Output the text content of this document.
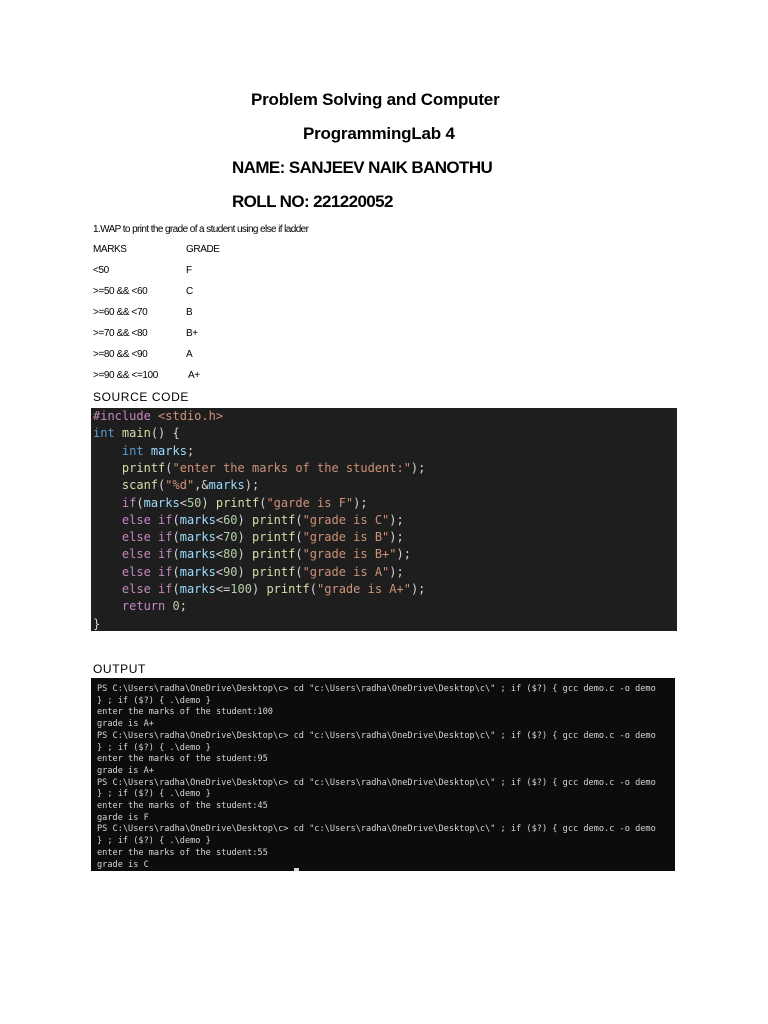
Problem Solving and Computer
ProgrammingLab 4
NAME: SANJEEV NAIK BANOTHU
ROLL NO: 221220052
1.WAP to print the grade of a student using else if ladder
MARKS	GRADE
<50	F
>=50 && <60	C
>=60 && <70	B
>=70 && <80	B+
>=80 && <90	A
>=90 && <=100	A+
SOURCE CODE
#include <stdio.h>
int main() {
int marks;
printf("enter the marks of the student:");
scanf("%d",&marks);
if(marks<50) printf("garde is F");
else if(marks<60) printf("grade is C");
else if(marks<70) printf("grade is B");
else if(marks<80) printf("grade is B+");
else if(marks<90) printf("grade is A");
else if(marks<=100) printf("grade is A+");
return 0;
}
OUTPUT
PS C:\Users\radha\OneDrive\Desktop\c> cd "c:\Users\radha\OneDrive\Desktop\c\" ; if ($?) { gcc demo.c -o demo
} ; if ($?) { .\demo }
enter the marks of the student:100
grade is A+
PS C:\Users\radha\OneDrive\Desktop\c> cd "c:\Users\radha\OneDrive\Desktop\c\" ; if ($?) { gcc demo.c -o demo
} ; if ($?) { .\demo }
enter the marks of the student:95
grade is A+
PS C:\Users\radha\OneDrive\Desktop\c> cd "c:\Users\radha\OneDrive\Desktop\c\" ; if ($?) { gcc demo.c -o demo
} ; if ($?) { .\demo }
enter the marks of the student:45
garde is F
PS C:\Users\radha\OneDrive\Desktop\c> cd "c:\Users\radha\OneDrive\Desktop\c\" ; if ($?) { gcc demo.c -o demo
} ; if ($?) { .\demo }
enter the marks of the student:55
grade is C
